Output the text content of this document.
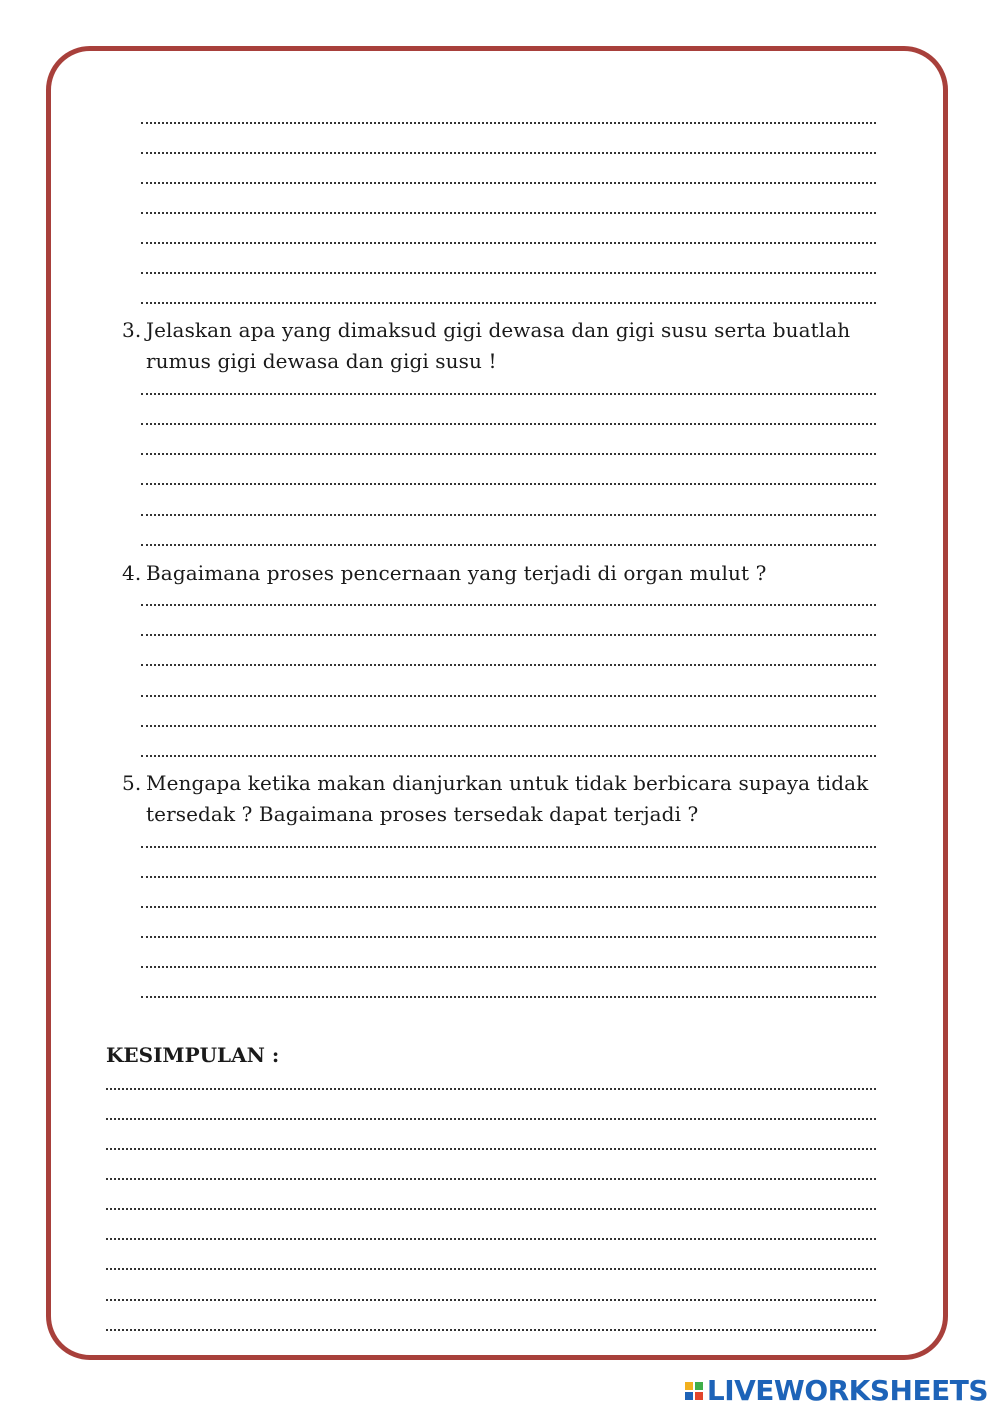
3. Jelaskan apa yang dimaksud gigi dewasa dan gigi susu serta buatlah
rumus gigi dewasa dan gigi susu !
4. Bagaimana proses pencernaan yang terjadi di organ mulut ?
5. Mengapa ketika makan dianjurkan untuk tidak berbicara supaya tidak
tersedak ? Bagaimana proses tersedak dapat terjadi ?
KESIMPULAN :
LIVEWORKSHEETS
